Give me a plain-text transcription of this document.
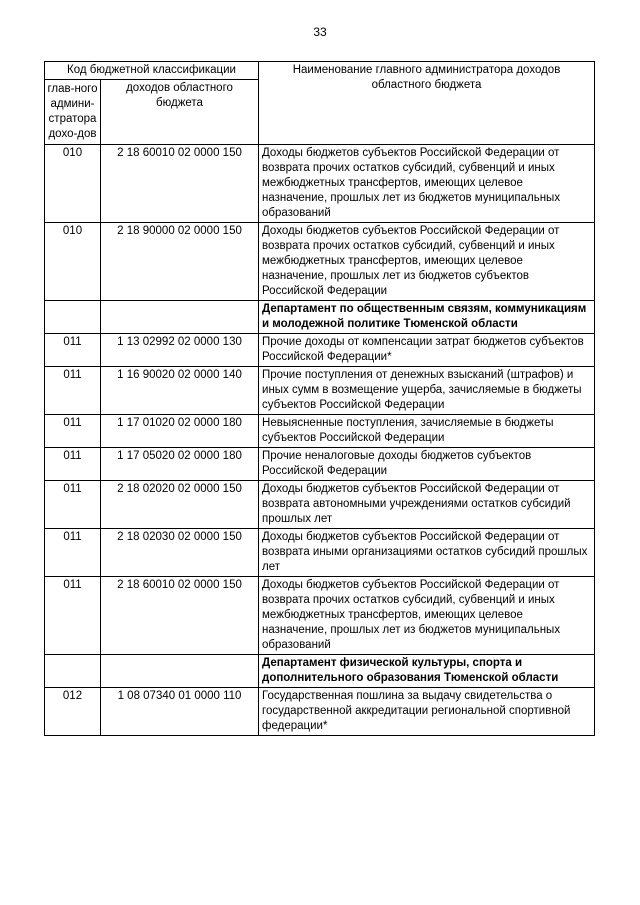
33
Код бюджетной классификации		Наименование главного администратора доходов областного бюджета
глав-ного админи-стратора дохо-дов	доходов областного бюджета	
010	2 18 60010 02 0000 150	Доходы бюджетов субъектов Российской Федерации от возврата прочих остатков субсидий, субвенций и иных межбюджетных трансфертов, имеющих целевое назначение, прошлых лет из бюджетов муниципальных образований
010	2 18 90000 02 0000 150	Доходы бюджетов субъектов Российской Федерации от возврата прочих остатков субсидий, субвенций и иных межбюджетных трансфертов, имеющих целевое назначение, прошлых лет из бюджетов субъектов Российской Федерации
		Департамент по общественным связям, коммуникациям и молодежной политике Тюменской области
011	1 13 02992 02 0000 130	Прочие доходы от компенсации затрат бюджетов субъектов Российской Федерации*
011	1 16 90020 02 0000 140	Прочие поступления от денежных взысканий (штрафов) и иных сумм в возмещение ущерба, зачисляемые в бюджеты субъектов Российской Федерации
011	1 17 01020 02 0000 180	Невыясненные поступления, зачисляемые в бюджеты субъектов Российской Федерации
011	1 17 05020 02 0000 180	Прочие неналоговые доходы бюджетов субъектов Российской Федерации
011	2 18 02020 02 0000 150	Доходы бюджетов субъектов Российской Федерации от возврата автономными учреждениями остатков субсидий прошлых лет
011	2 18 02030 02 0000 150	Доходы бюджетов субъектов Российской Федерации от возврата иными организациями остатков субсидий прошлых лет
011	2 18 60010 02 0000 150	Доходы бюджетов субъектов Российской Федерации от возврата прочих остатков субсидий, субвенций и иных межбюджетных трансфертов, имеющих целевое назначение, прошлых лет из бюджетов муниципальных образований
		Департамент физической культуры, спорта и дополнительного образования Тюменской области
012	1 08 07340 01 0000 110	Государственная пошлина за выдачу свидетельства о государственной аккредитации региональной спортивной федерации*
